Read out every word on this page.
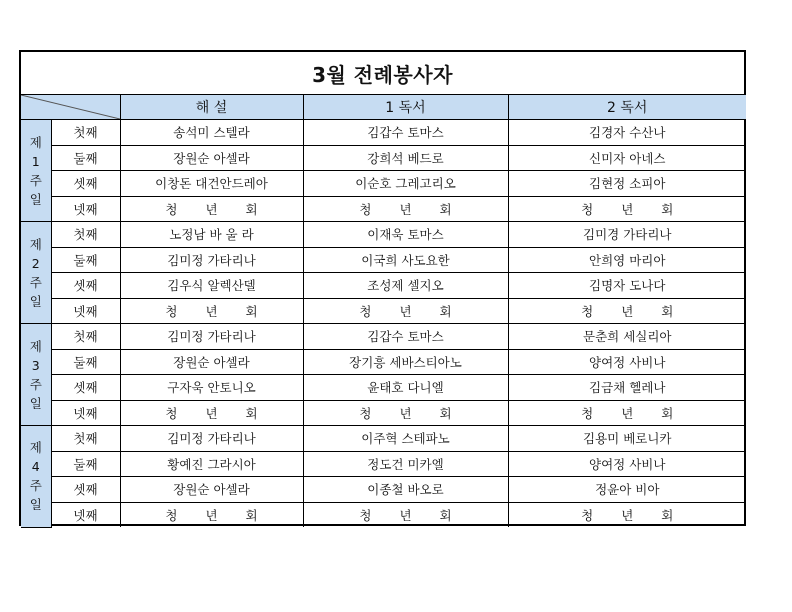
3월 전례봉사자
	해 설	1 독서	2 독서

제
1
주
일	첫째	송석미 스텔라	김갑수 토마스	김경자 수산나
	둘째	장원순 아셀라	강희석 베드로	신미자 아네스
	셋째	이창돈 대건안드레아	이순호 그레고리오	김현정 소피아
	넷째	청년회	청년회	청년회

제
2
주
일	첫째	노정남 바 울 라	이재욱 토마스	김미경 가타리나
	둘째	김미정 가타리나	이국희 사도요한	안희영 마리아
	셋째	김우식 알렉산델	조성제 셀지오	김명자 도나다
	넷째	청년회	청년회	청년회

제
3
주
일	첫째	김미정 가타리나	김갑수 토마스	문춘희 세실리아
	둘째	장원순 아셀라	장기흥 세바스티아노	양여정 사비나
	셋째	구자욱 안토니오	윤태호 다니엘	김금채 헬레나
	넷째	청년회	청년회	청년회

제
4
주
일	첫째	김미정 가타리나	이주혁 스테파노	김용미 베로니카
	둘째	황예진 그라시아	정도건 미카엘	양여정 사비나
	셋째	장원순 아셀라	이종철 바오로	정윤아 비아
	넷째	청년회	청년회	청년회
